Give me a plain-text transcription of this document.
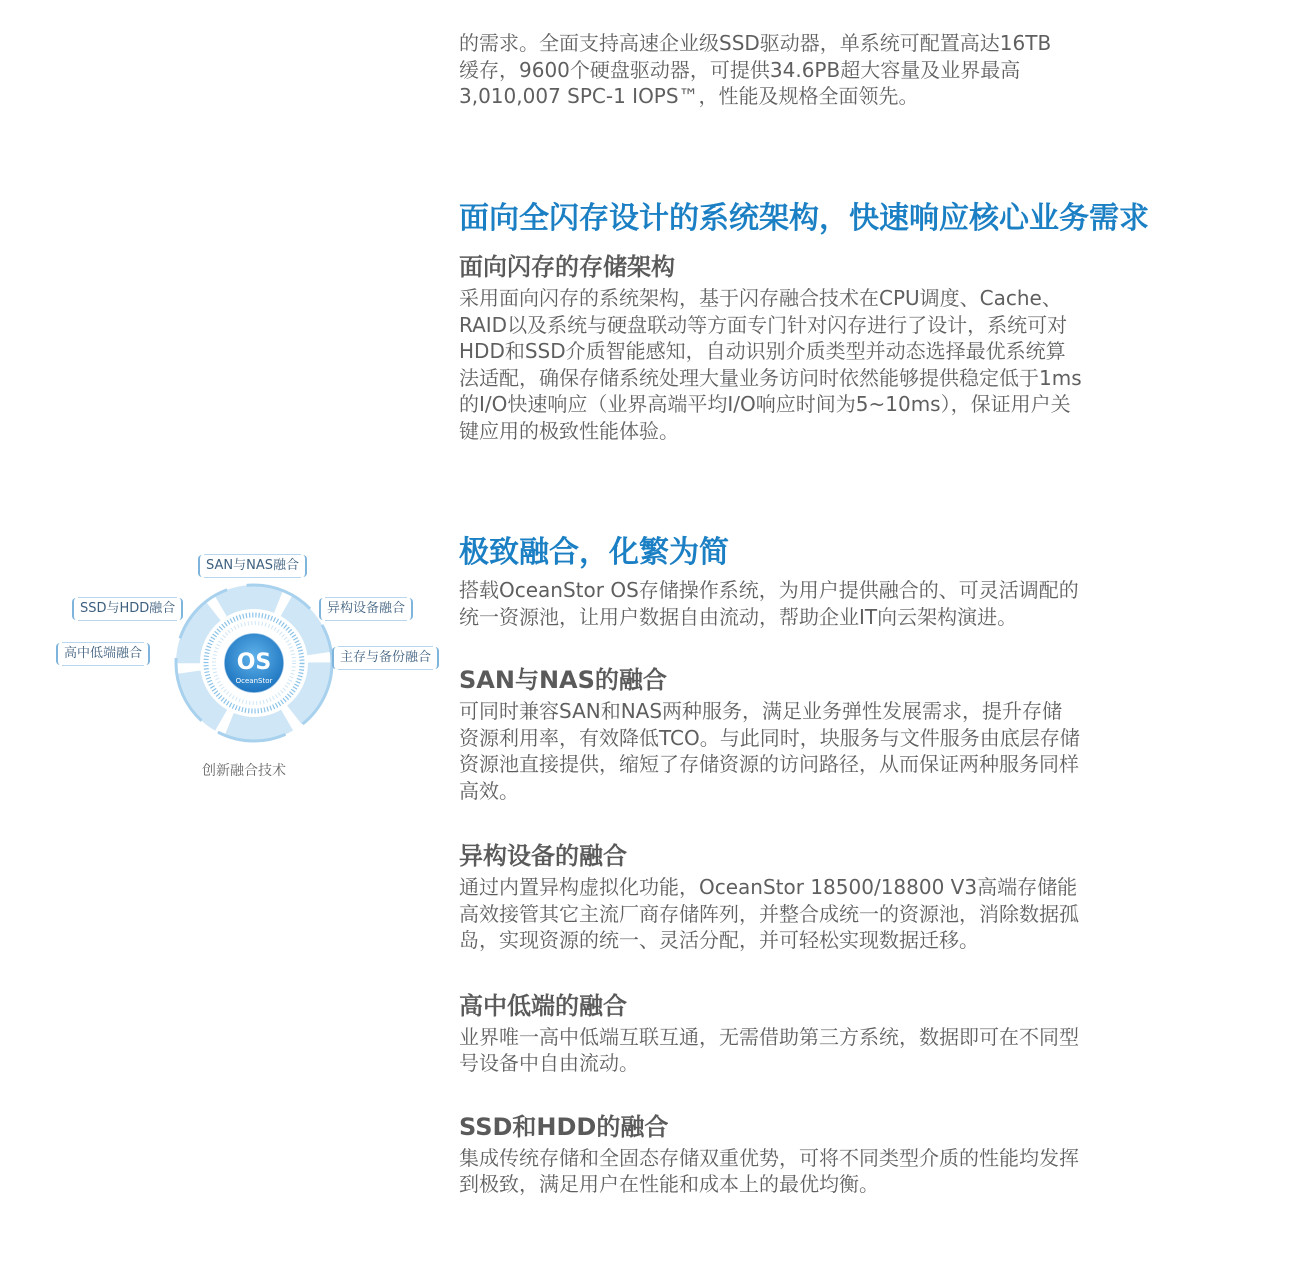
的需求。全面支持高速企业级SSD驱动器，单系统可配置高达16TB
缓存，9600个硬盘驱动器，可提供34.6PB超大容量及业界最高
3,010,007 SPC-1 IOPS™，性能及规格全面领先。

面向全闪存设计的系统架构，快速响应核心业务需求
面向闪存的存储架构

采用面向闪存的系统架构，基于闪存融合技术在CPU调度、Cache、
RAID以及系统与硬盘联动等方面专门针对闪存进行了设计，系统可对
HDD和SSD介质智能感知，自动识别介质类型并动态选择最优系统算
法适配，确保存储系统处理大量业务访问时依然能够提供稳定低于1ms
的I/O快速响应（业界高端平均I/O响应时间为5~10ms），保证用户关
键应用的极致性能体验。

极致融合，化繁为简

搭载OceanStor OS存储操作系统，为用户提供融合的、可灵活调配的
统一资源池，让用户数据自由流动，帮助企业IT向云架构演进。

SAN与NAS的融合

可同时兼容SAN和NAS两种服务，满足业务弹性发展需求，提升存储
资源利用率，有效降低TCO。与此同时，块服务与文件服务由底层存储
资源池直接提供，缩短了存储资源的访问路径，从而保证两种服务同样
高效。

异构设备的融合

通过内置异构虚拟化功能，OceanStor 18500/18800 V3高端存储能
高效接管其它主流厂商存储阵列，并整合成统一的资源池，消除数据孤
岛，实现资源的统一、灵活分配，并可轻松实现数据迁移。

高中低端的融合

业界唯一高中低端互联互通，无需借助第三方系统，数据即可在不同型
号设备中自由流动。

SSD和HDD的融合

集成传统存储和全固态存储双重优势，可将不同类型介质的性能均发挥
到极致，满足用户在性能和成本上的最优均衡。

OS
OceanStor
SAN与NAS融合
SSD与HDD融合	异构设备融合
高中低端融合	主存与备份融合
创新融合技术
